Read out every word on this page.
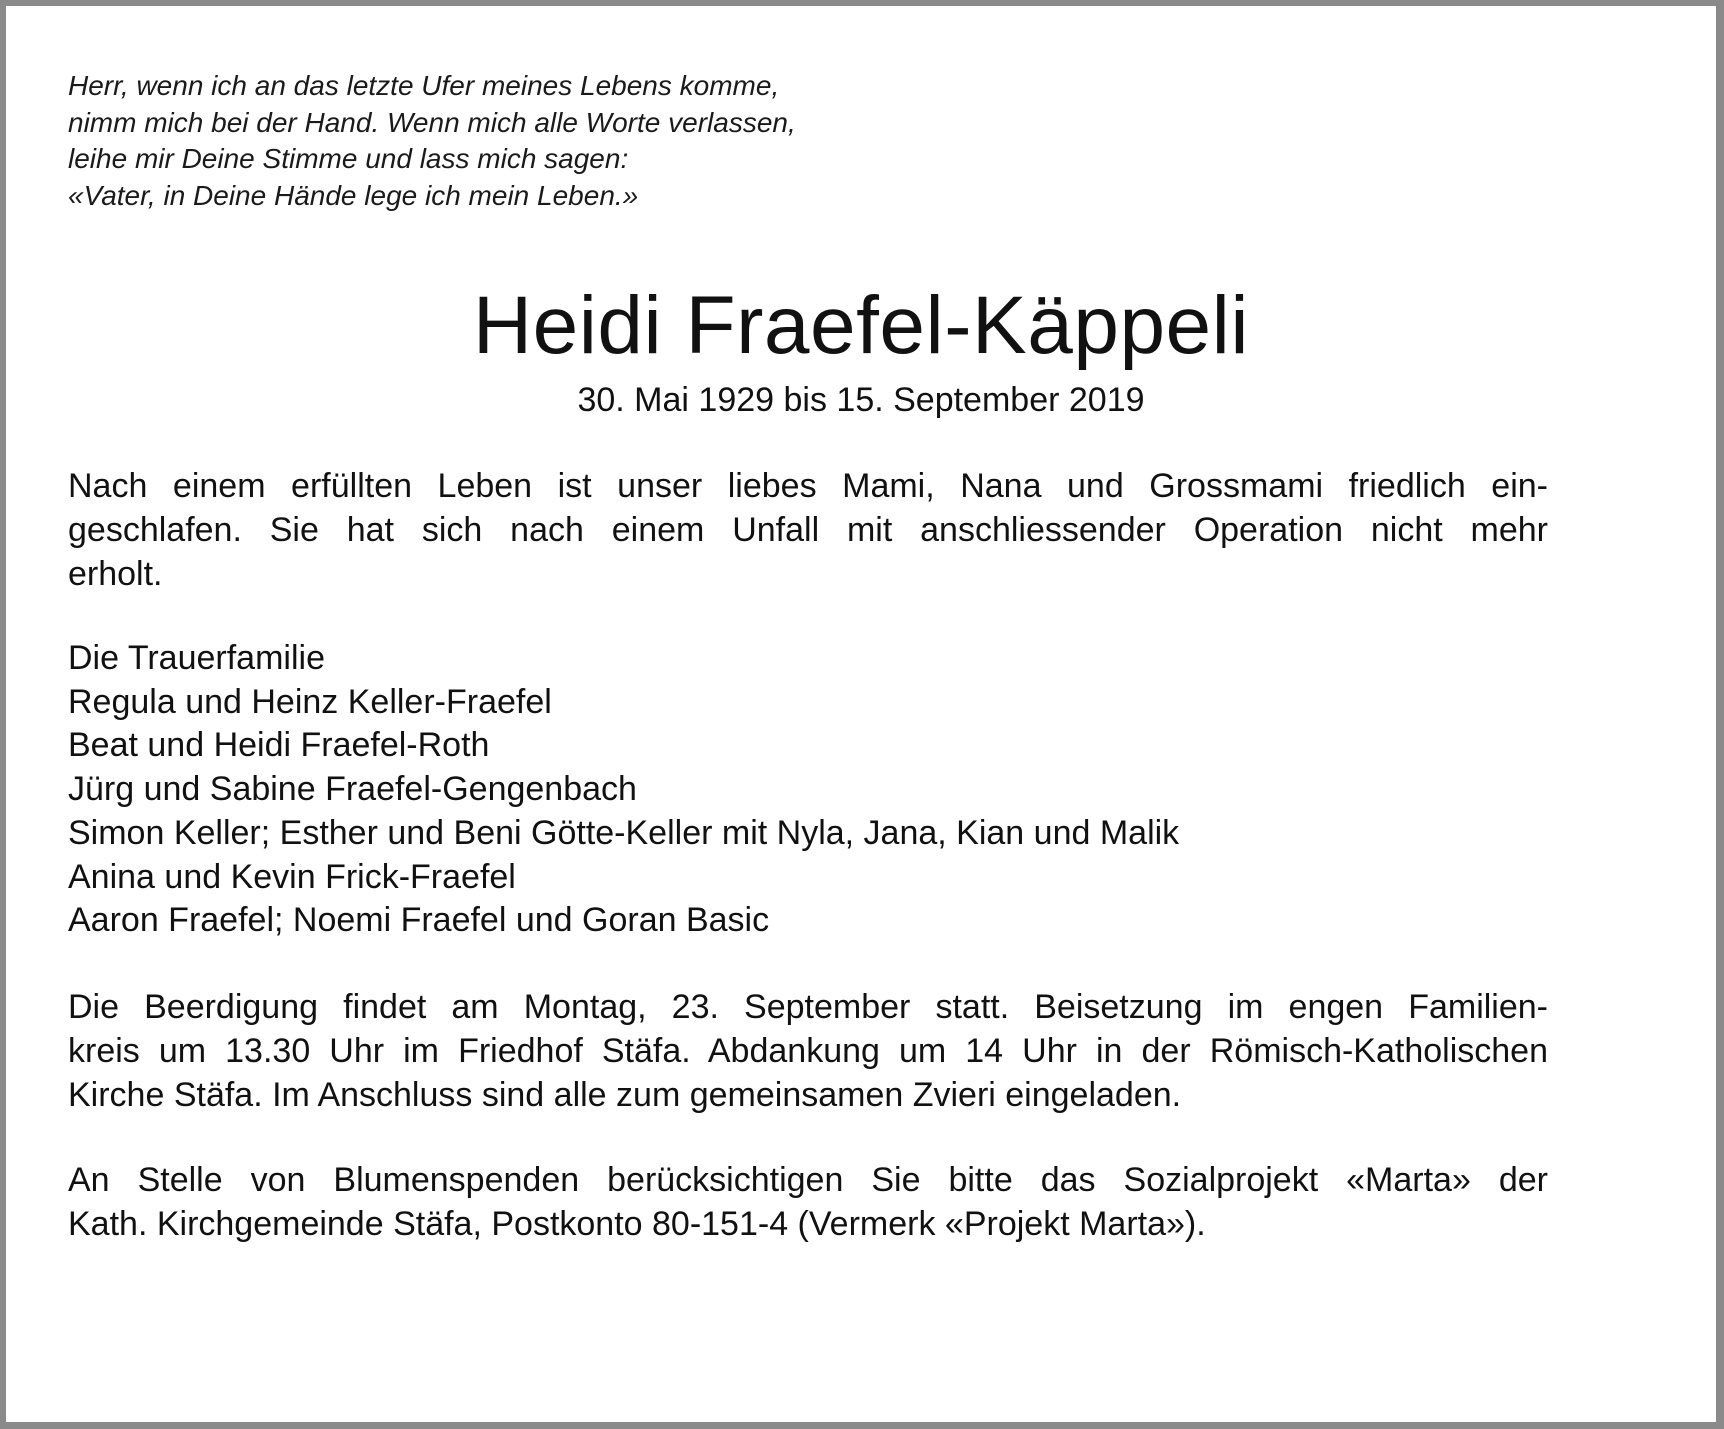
Herr, wenn ich an das letzte Ufer meines Lebens komme,
nimm mich bei der Hand. Wenn mich alle Worte verlassen,
leihe mir Deine Stimme und lass mich sagen:
«Vater, in Deine Hände lege ich mein Leben.»
Heidi Fraefel-Käppeli

30. Mai 1929 bis 15. September 2019

Nach einem erfüllten Leben ist unser liebes Mami, Nana und Grossmami friedlich ein-
geschlafen. Sie hat sich nach einem Unfall mit anschliessender Operation nicht mehr
erholt.
Die Trauerfamilie
Regula und Heinz Keller-Fraefel
Beat und Heidi Fraefel-Roth
Jürg und Sabine Fraefel-Gengenbach
Simon Keller; Esther und Beni Götte-Keller mit Nyla, Jana, Kian und Malik
Anina und Kevin Frick-Fraefel
Aaron Fraefel; Noemi Fraefel und Goran Basic
Die Beerdigung findet am Montag, 23. September statt. Beisetzung im engen Familien-
kreis um 13.30 Uhr im Friedhof Stäfa. Abdankung um 14 Uhr in der Römisch-Katholischen
Kirche Stäfa. Im Anschluss sind alle zum gemeinsamen Zvieri eingeladen.
An Stelle von Blumenspenden berücksichtigen Sie bitte das Sozialprojekt «Marta» der
Kath. Kirchgemeinde Stäfa, Postkonto 80-151-4 (Vermerk «Projekt Marta»).
